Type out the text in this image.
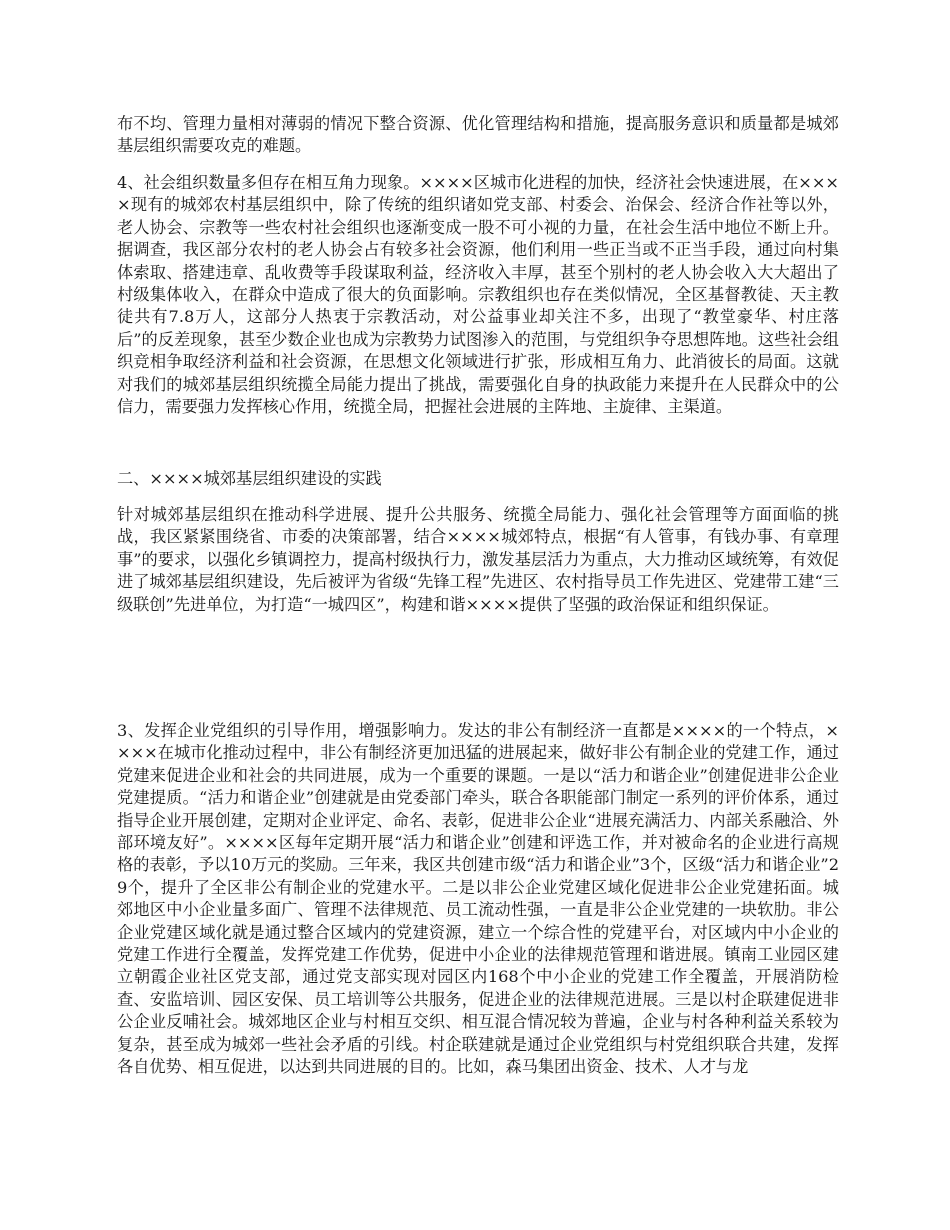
布不均、管理力量相对薄弱的情况下整合资源、优化管理结构和措施，提高服务意识和质量都是城郊基层组织需要攻克的难题。

4、社会组织数量多但存在相互角力现象。××××区城市化进程的加快，经济社会快速进展，在××××现有的城郊农村基层组织中，除了传统的组织诸如党支部、村委会、治保会、经济合作社等以外，老人协会、宗教等一些农村社会组织也逐渐变成一股不可小视的力量，在社会生活中地位不断上升。据调查，我区部分农村的老人协会占有较多社会资源，他们利用一些正当或不正当手段，通过向村集体索取、搭建违章、乱收费等手段谋取利益，经济收入丰厚，甚至个别村的老人协会收入大大超出了村级集体收入，在群众中造成了很大的负面影响。宗教组织也存在类似情况，全区基督教徒、天主教徒共有7.8万人，这部分人热衷于宗教活动，对公益事业却关注不多，出现了“教堂豪华、村庄落后”的反差现象，甚至少数企业也成为宗教势力试图渗入的范围，与党组织争夺思想阵地。这些社会组织竞相争取经济利益和社会资源，在思想文化领域进行扩张，形成相互角力、此消彼长的局面。这就对我们的城郊基层组织统揽全局能力提出了挑战，需要强化自身的执政能力来提升在人民群众中的公信力，需要强力发挥核心作用，统揽全局，把握社会进展的主阵地、主旋律、主渠道。

二、××××城郊基层组织建设的实践

针对城郊基层组织在推动科学进展、提升公共服务、统揽全局能力、强化社会管理等方面面临的挑战，我区紧紧围绕省、市委的决策部署，结合××××城郊特点，根据“有人管事，有钱办事、有章理事”的要求，以强化乡镇调控力，提高村级执行力，激发基层活力为重点，大力推动区域统筹，有效促进了城郊基层组织建设，先后被评为省级“先锋工程”先进区、农村指导员工作先进区、党建带工建“三级联创”先进单位，为打造“一城四区”，构建和谐××××提供了坚强的政治保证和组织保证。

3、发挥企业党组织的引导作用，增强影响力。发达的非公有制经济一直都是××××的一个特点，××××在城市化推动过程中，非公有制经济更加迅猛的进展起来，做好非公有制企业的党建工作，通过党建来促进企业和社会的共同进展，成为一个重要的课题。一是以“活力和谐企业”创建促进非公企业党建提质。“活力和谐企业”创建就是由党委部门牵头，联合各职能部门制定一系列的评价体系，通过指导企业开展创建，定期对企业评定、命名、表彰，促进非公企业“进展充满活力、内部关系融洽、外部环境友好”。××××区每年定期开展“活力和谐企业”创建和评选工作，并对被命名的企业进行高规格的表彰，予以10万元的奖励。三年来，我区共创建市级“活力和谐企业”3个，区级“活力和谐企业”29个，提升了全区非公有制企业的党建水平。二是以非公企业党建区域化促进非公企业党建拓面。城郊地区中小企业量多面广、管理不法律规范、员工流动性强，一直是非公企业党建的一块软肋。非公企业党建区域化就是通过整合区域内的党建资源，建立一个综合性的党建平台，对区域内中小企业的党建工作进行全覆盖，发挥党建工作优势，促进中小企业的法律规范管理和谐进展。镇南工业园区建立朝霞企业社区党支部，通过党支部实现对园区内168个中小企业的党建工作全覆盖，开展消防检查、安监培训、园区安保、员工培训等公共服务，促进企业的法律规范进展。三是以村企联建促进非公企业反哺社会。城郊地区企业与村相互交织、相互混合情况较为普遍，企业与村各种利益关系较为复杂，甚至成为城郊一些社会矛盾的引线。村企联建就是通过企业党组织与村党组织联合共建，发挥各自优势、相互促进，以达到共同进展的目的。比如，森马集团出资金、技术、人才与龙
